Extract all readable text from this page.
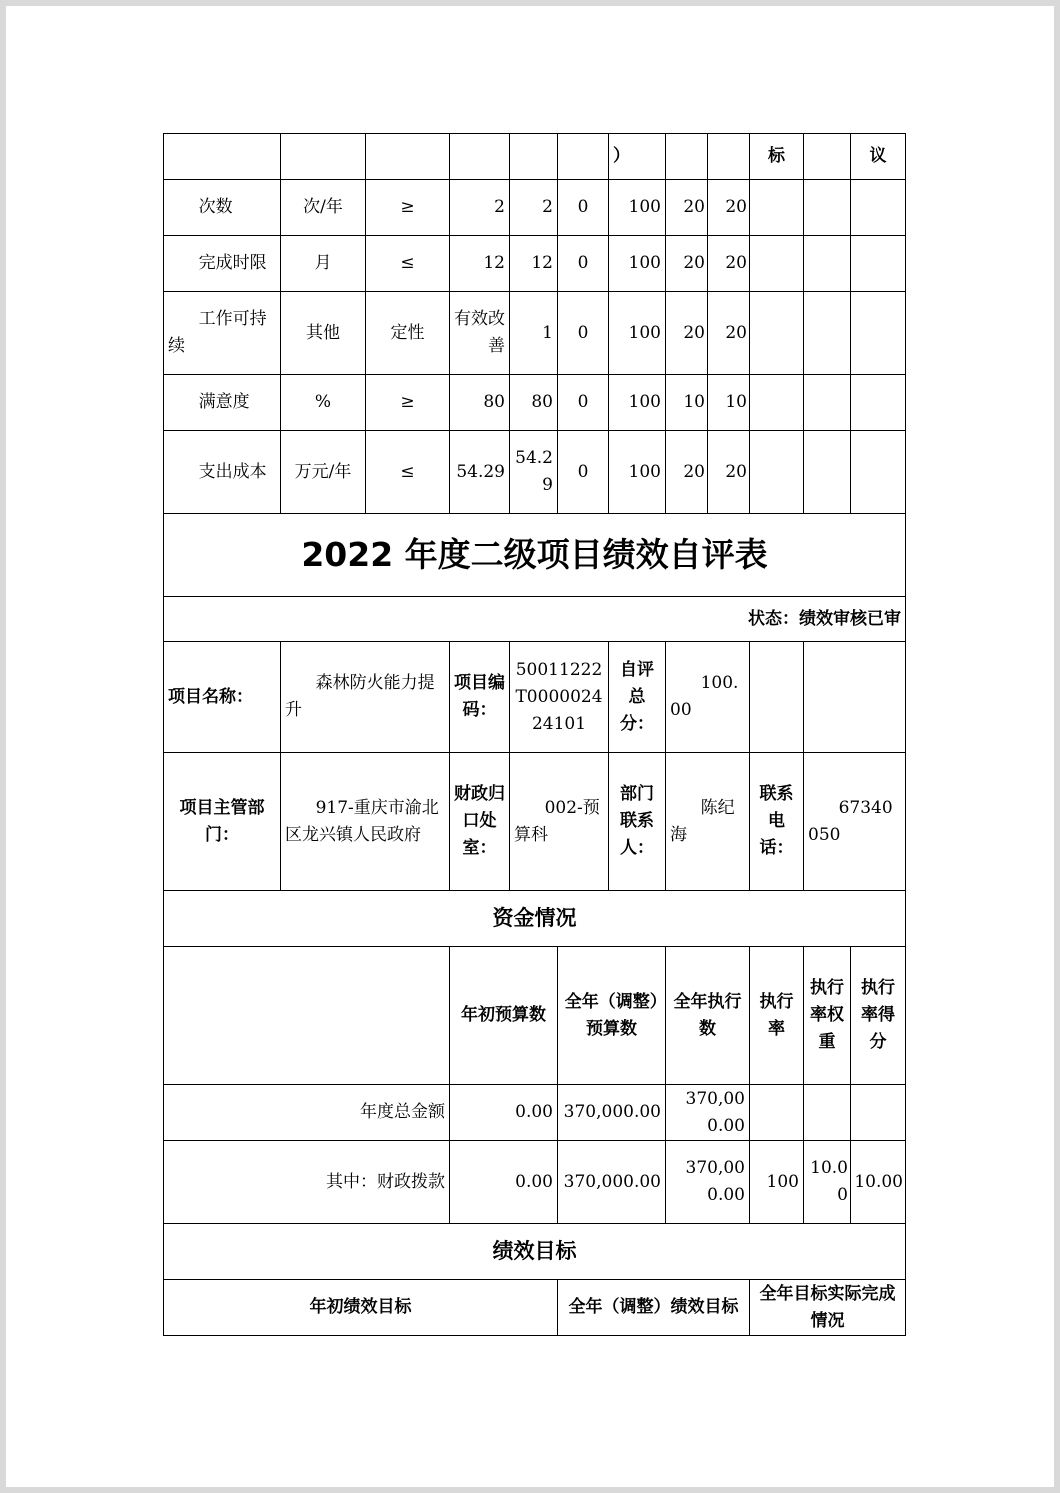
						）			标		议
次数	次/年	≥	2	2	0	100	20	20			
完成时限	月	≤	12	12	0	100	20	20			
工作可持续	其他	定性	有效改善	1	0	100	20	20			
满意度	%	≥	80	80	0	100	10	10			
支出成本	万元/年	≤	54.29	54.29	0	100	20	20			
2022 年度二级项目绩效自评表											
状态：绩效审核已审											
项目名称：	森林防火能力提升		项目编码：	50011222T000002424101		自评总分：	100.00				
项目主管部门：	917-重庆市渝北区龙兴镇人民政府		财政归口处室：	002-预算科		部门联系人：	陈纪海		联系电话：	67340050	
资金情况											
			年初预算数		全年（调整）预算数		全年执行数		执行率	执行率权重	执行率得分
年度总金额			0.00		370,000.00		370,000.00				
其中：财政拨款			0.00		370,000.00		370,000.00		100	10.00	10.00
绩效目标											
年初绩效目标					全年（调整）绩效目标				全年目标实际完成情况		
